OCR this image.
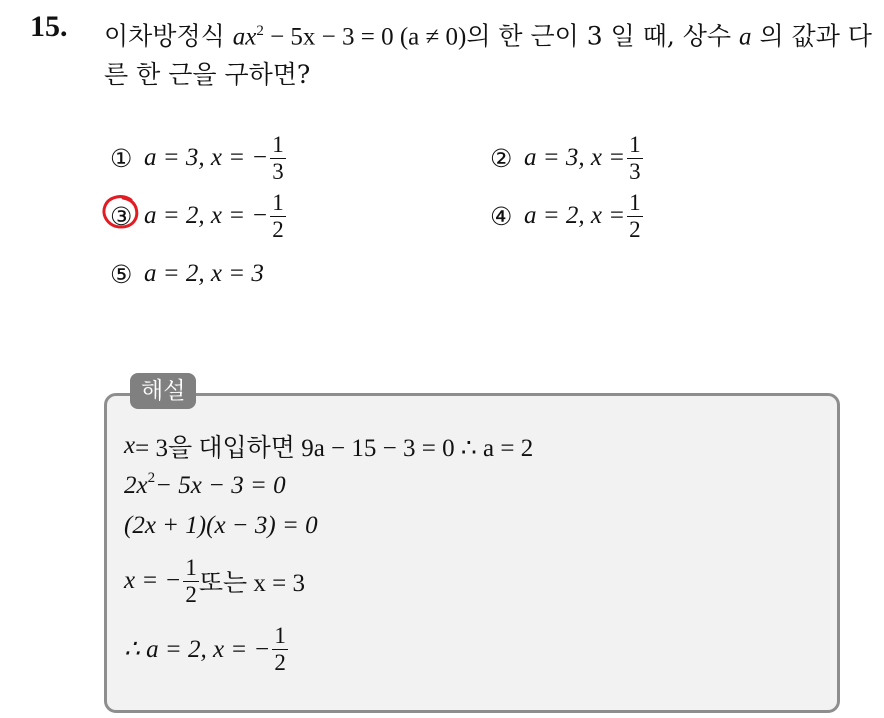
15. 이차방정식 $ax^2 - 5x - 3 = 0$ (a ≠ 0)의 한 근이 3 일 때, 상수 a 의 값과 다른 한 근을 구하면?
① a = 3, x = − $\frac{1}{3}$	② a = 3, $x = \frac{1}{3}$
③ a = 2, x = − $\frac{1}{2}$	④ a = 2, $x = \frac{1}{2}$
⑤ a = 2, x = 3
해설
x = 3을 대입하면 9a − 15 − 3 = 0 ∴ a = 2
$2x^2 - 5x - 3 = 0$
(2x + 1)(x − 3) = 0
x = − $\frac{1}{2}$ 또는 x = 3
∴ a = 2, x = − $\frac{1}{2}$
